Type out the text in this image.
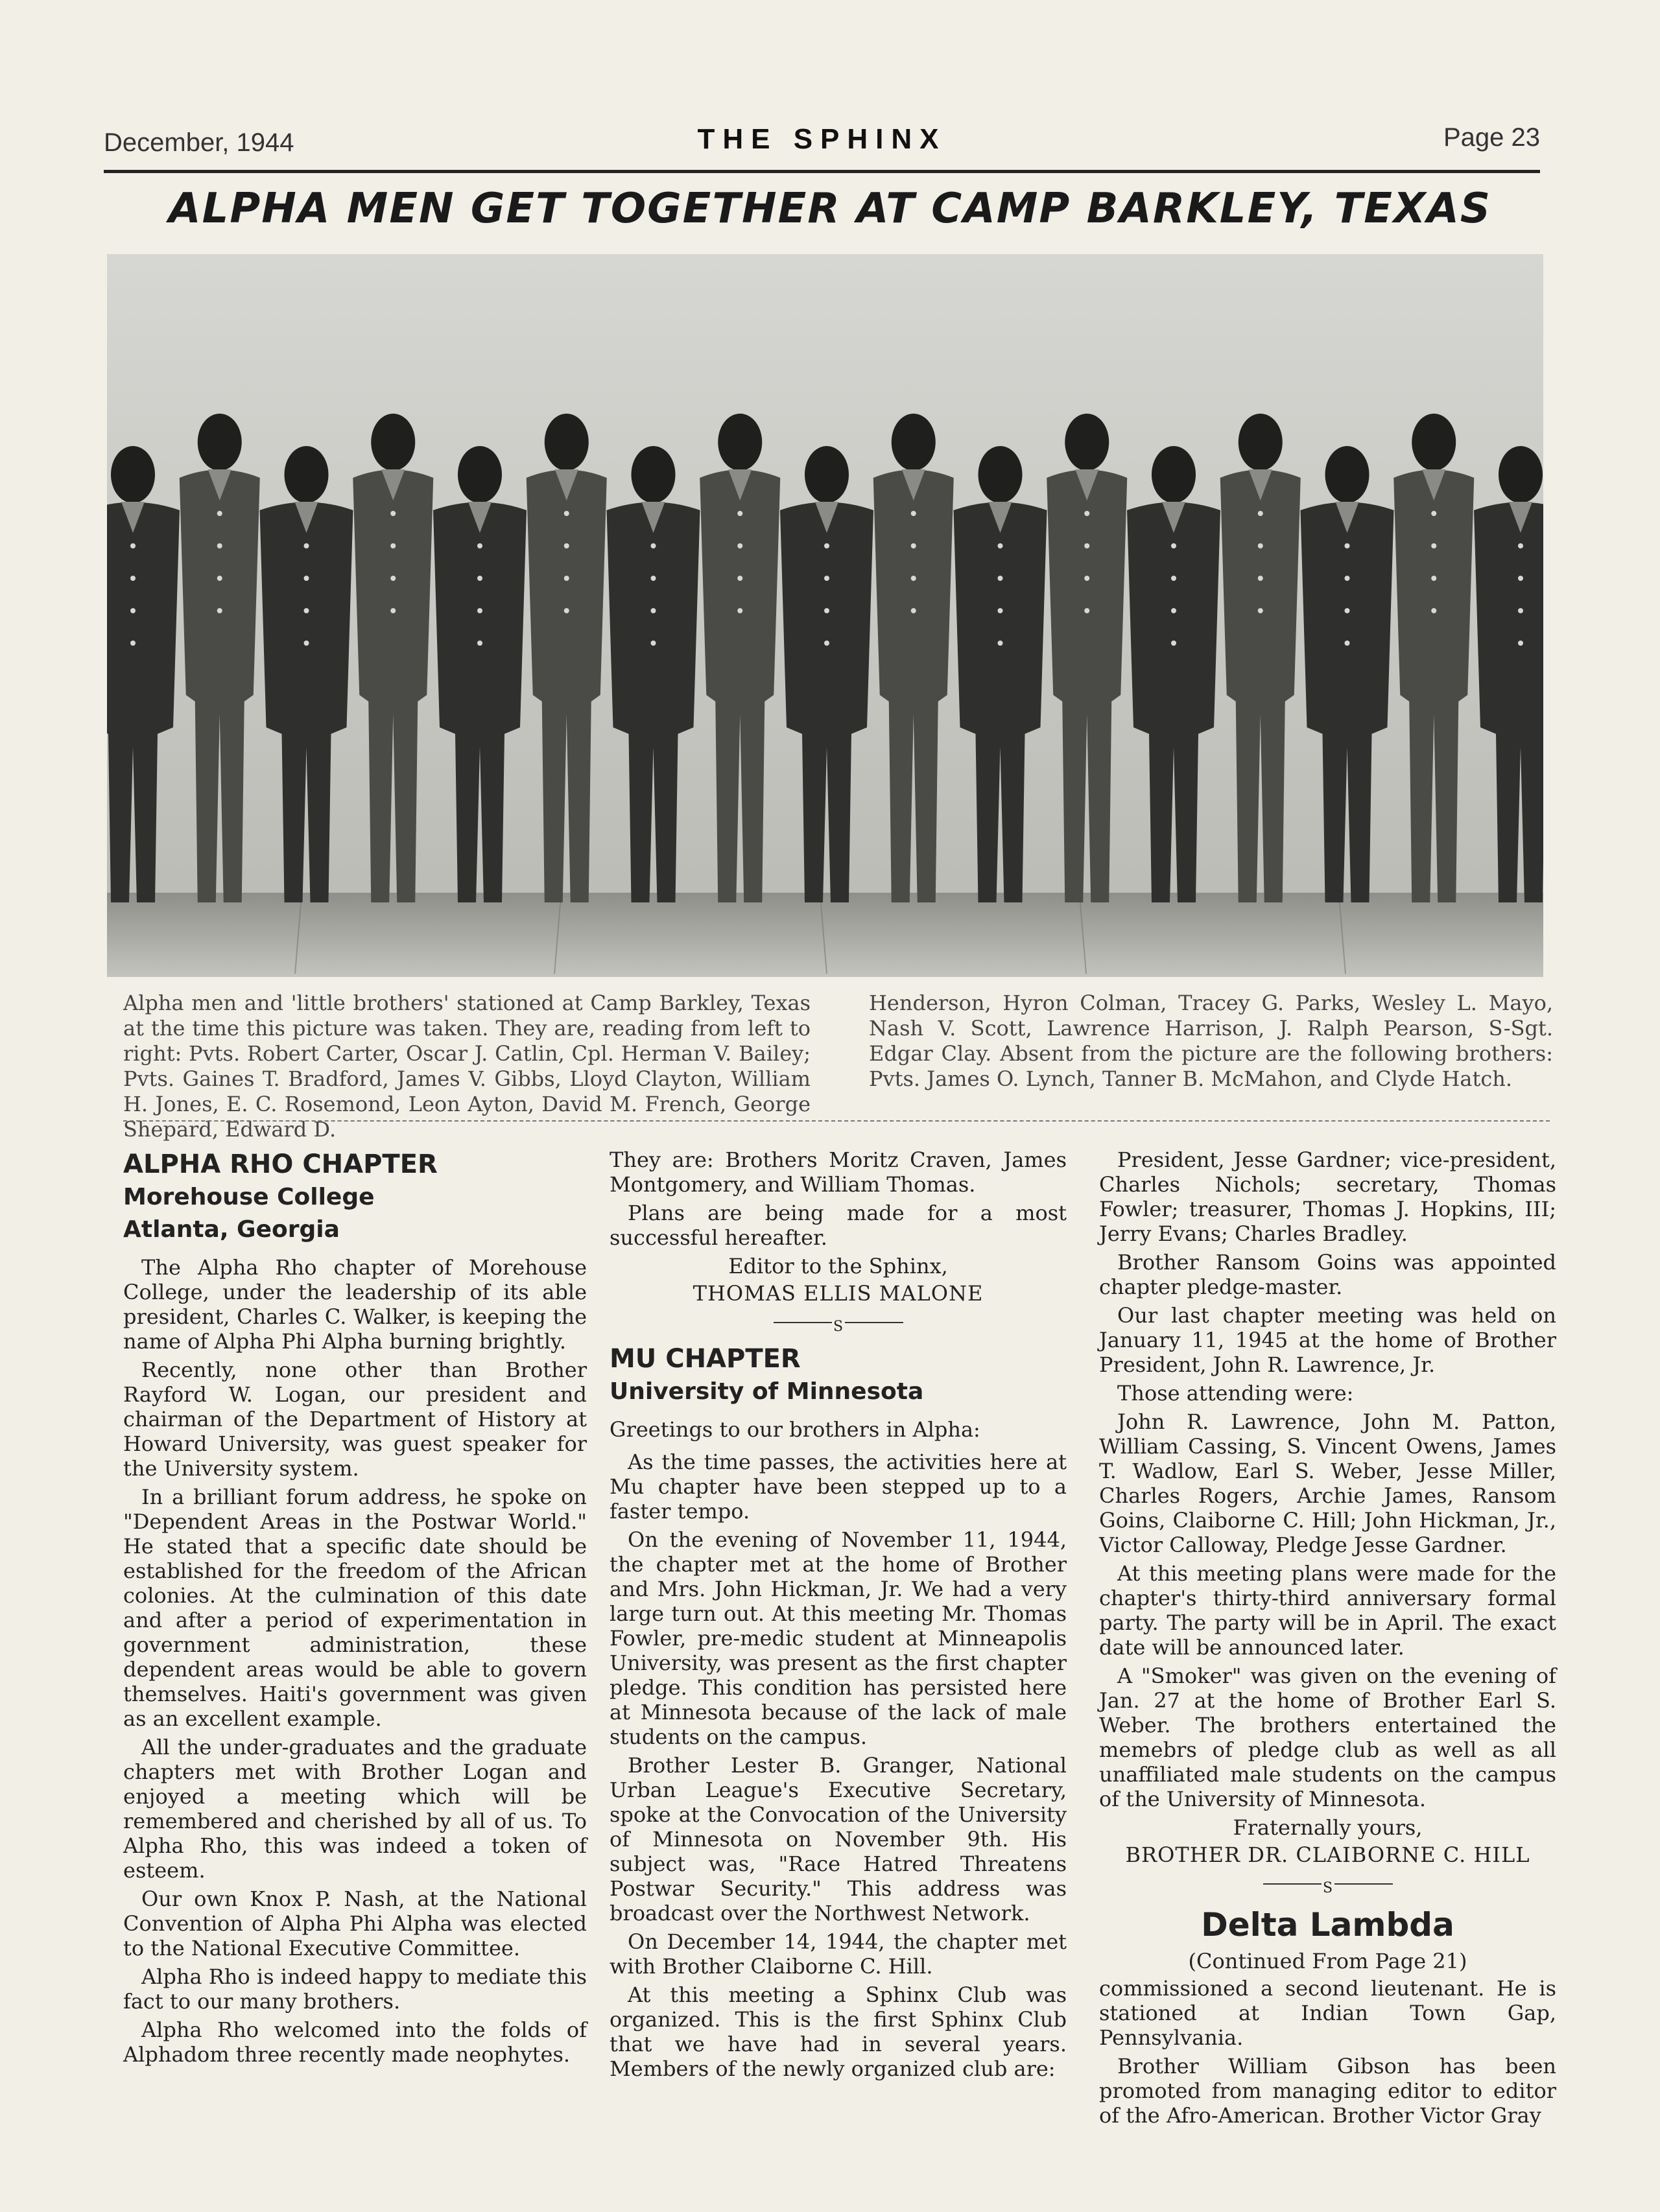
December, 1944	THE SPHINX	Page 23
ALPHA MEN GET TOGETHER AT CAMP BARKLEY, TEXAS
Alpha men and 'little brothers' stationed at Camp Barkley, Texas at the time this picture was taken. They are, reading from left to right: Pvts. Robert Carter, Oscar J. Catlin, Cpl. Herman V. Bailey; Pvts. Gaines T. Bradford, James V. Gibbs, Lloyd Clayton, William H. Jones, E. C. Rosemond, Leon Ayton, David M. French, George Shepard, Edward D.
Henderson, Hyron Colman, Tracey G. Parks, Wesley L. Mayo, Nash V. Scott, Lawrence Harrison, J. Ralph Pearson, S-Sgt. Edgar Clay. Absent from the picture are the following brothers: Pvts. James O. Lynch, Tanner B. McMahon, and Clyde Hatch.

ALPHA RHO CHAPTER

Morehouse College

Atlanta, Georgia

The Alpha Rho chapter of Morehouse College, under the leadership of its able president, Charles C. Walker, is keeping the name of Alpha Phi Alpha burning brightly.

Recently, none other than Brother Rayford W. Logan, our president and chairman of the Department of History at Howard University, was guest speaker for the University system.

In a brilliant forum address, he spoke on "Dependent Areas in the Postwar World." He stated that a specific date should be established for the freedom of the African colonies. At the culmination of this date and after a period of experimentation in government administration, these dependent areas would be able to govern themselves. Haiti's government was given as an excellent example.

All the under-graduates and the graduate chapters met with Brother Logan and enjoyed a meeting which will be remembered and cherished by all of us. To Alpha Rho, this was indeed a token of esteem.

Our own Knox P. Nash, at the National Convention of Alpha Phi Alpha was elected to the National Executive Committee.

Alpha Rho is indeed happy to mediate this fact to our many brothers.

Alpha Rho welcomed into the folds of Alphadom three recently made neophytes.

They are: Brothers Moritz Craven, James Montgomery, and William Thomas.

Plans are being made for a most successful hereafter.

Editor to the Sphinx,

THOMAS ELLIS MALONE

S

MU CHAPTER

University of Minnesota

Greetings to our brothers in Alpha:

As the time passes, the activities here at Mu chapter have been stepped up to a faster tempo.

On the evening of November 11, 1944, the chapter met at the home of Brother and Mrs. John Hickman, Jr. We had a very large turn out. At this meeting Mr. Thomas Fowler, pre-medic student at Minneapolis University, was present as the first chapter pledge. This condition has persisted here at Minnesota because of the lack of male students on the campus.

Brother Lester B. Granger, National Urban League's Executive Secretary, spoke at the Convocation of the University of Minnesota on November 9th. His subject was, "Race Hatred Threatens Postwar Security." This address was broadcast over the Northwest Network.

On December 14, 1944, the chapter met with Brother Claiborne C. Hill.

At this meeting a Sphinx Club was organized. This is the first Sphinx Club that we have had in several years. Members of the newly organized club are:

President, Jesse Gardner; vice-president, Charles Nichols; secretary, Thomas Fowler; treasurer, Thomas J. Hopkins, III; Jerry Evans; Charles Bradley.

Brother Ransom Goins was appointed chapter pledge-master.

Our last chapter meeting was held on January 11, 1945 at the home of Brother President, John R. Lawrence, Jr.

Those attending were:

John R. Lawrence, John M. Patton, William Cassing, S. Vincent Owens, James T. Wadlow, Earl S. Weber, Jesse Miller, Charles Rogers, Archie James, Ransom Goins, Claiborne C. Hill; John Hickman, Jr., Victor Calloway, Pledge Jesse Gardner.

At this meeting plans were made for the chapter's thirty-third anniversary formal party. The party will be in April. The exact date will be announced later.

A "Smoker" was given on the evening of Jan. 27 at the home of Brother Earl S. Weber. The brothers entertained the memebrs of pledge club as well as all unaffiliated male students on the campus of the University of Minnesota.

Fraternally yours,

BROTHER DR. CLAIBORNE C. HILL

S

Delta Lambda

(Continued From Page 21)

commissioned a second lieutenant. He is stationed at Indian Town Gap, Pennsylvania.

Brother William Gibson has been promoted from managing editor to editor of the Afro-American. Brother Victor Gray
